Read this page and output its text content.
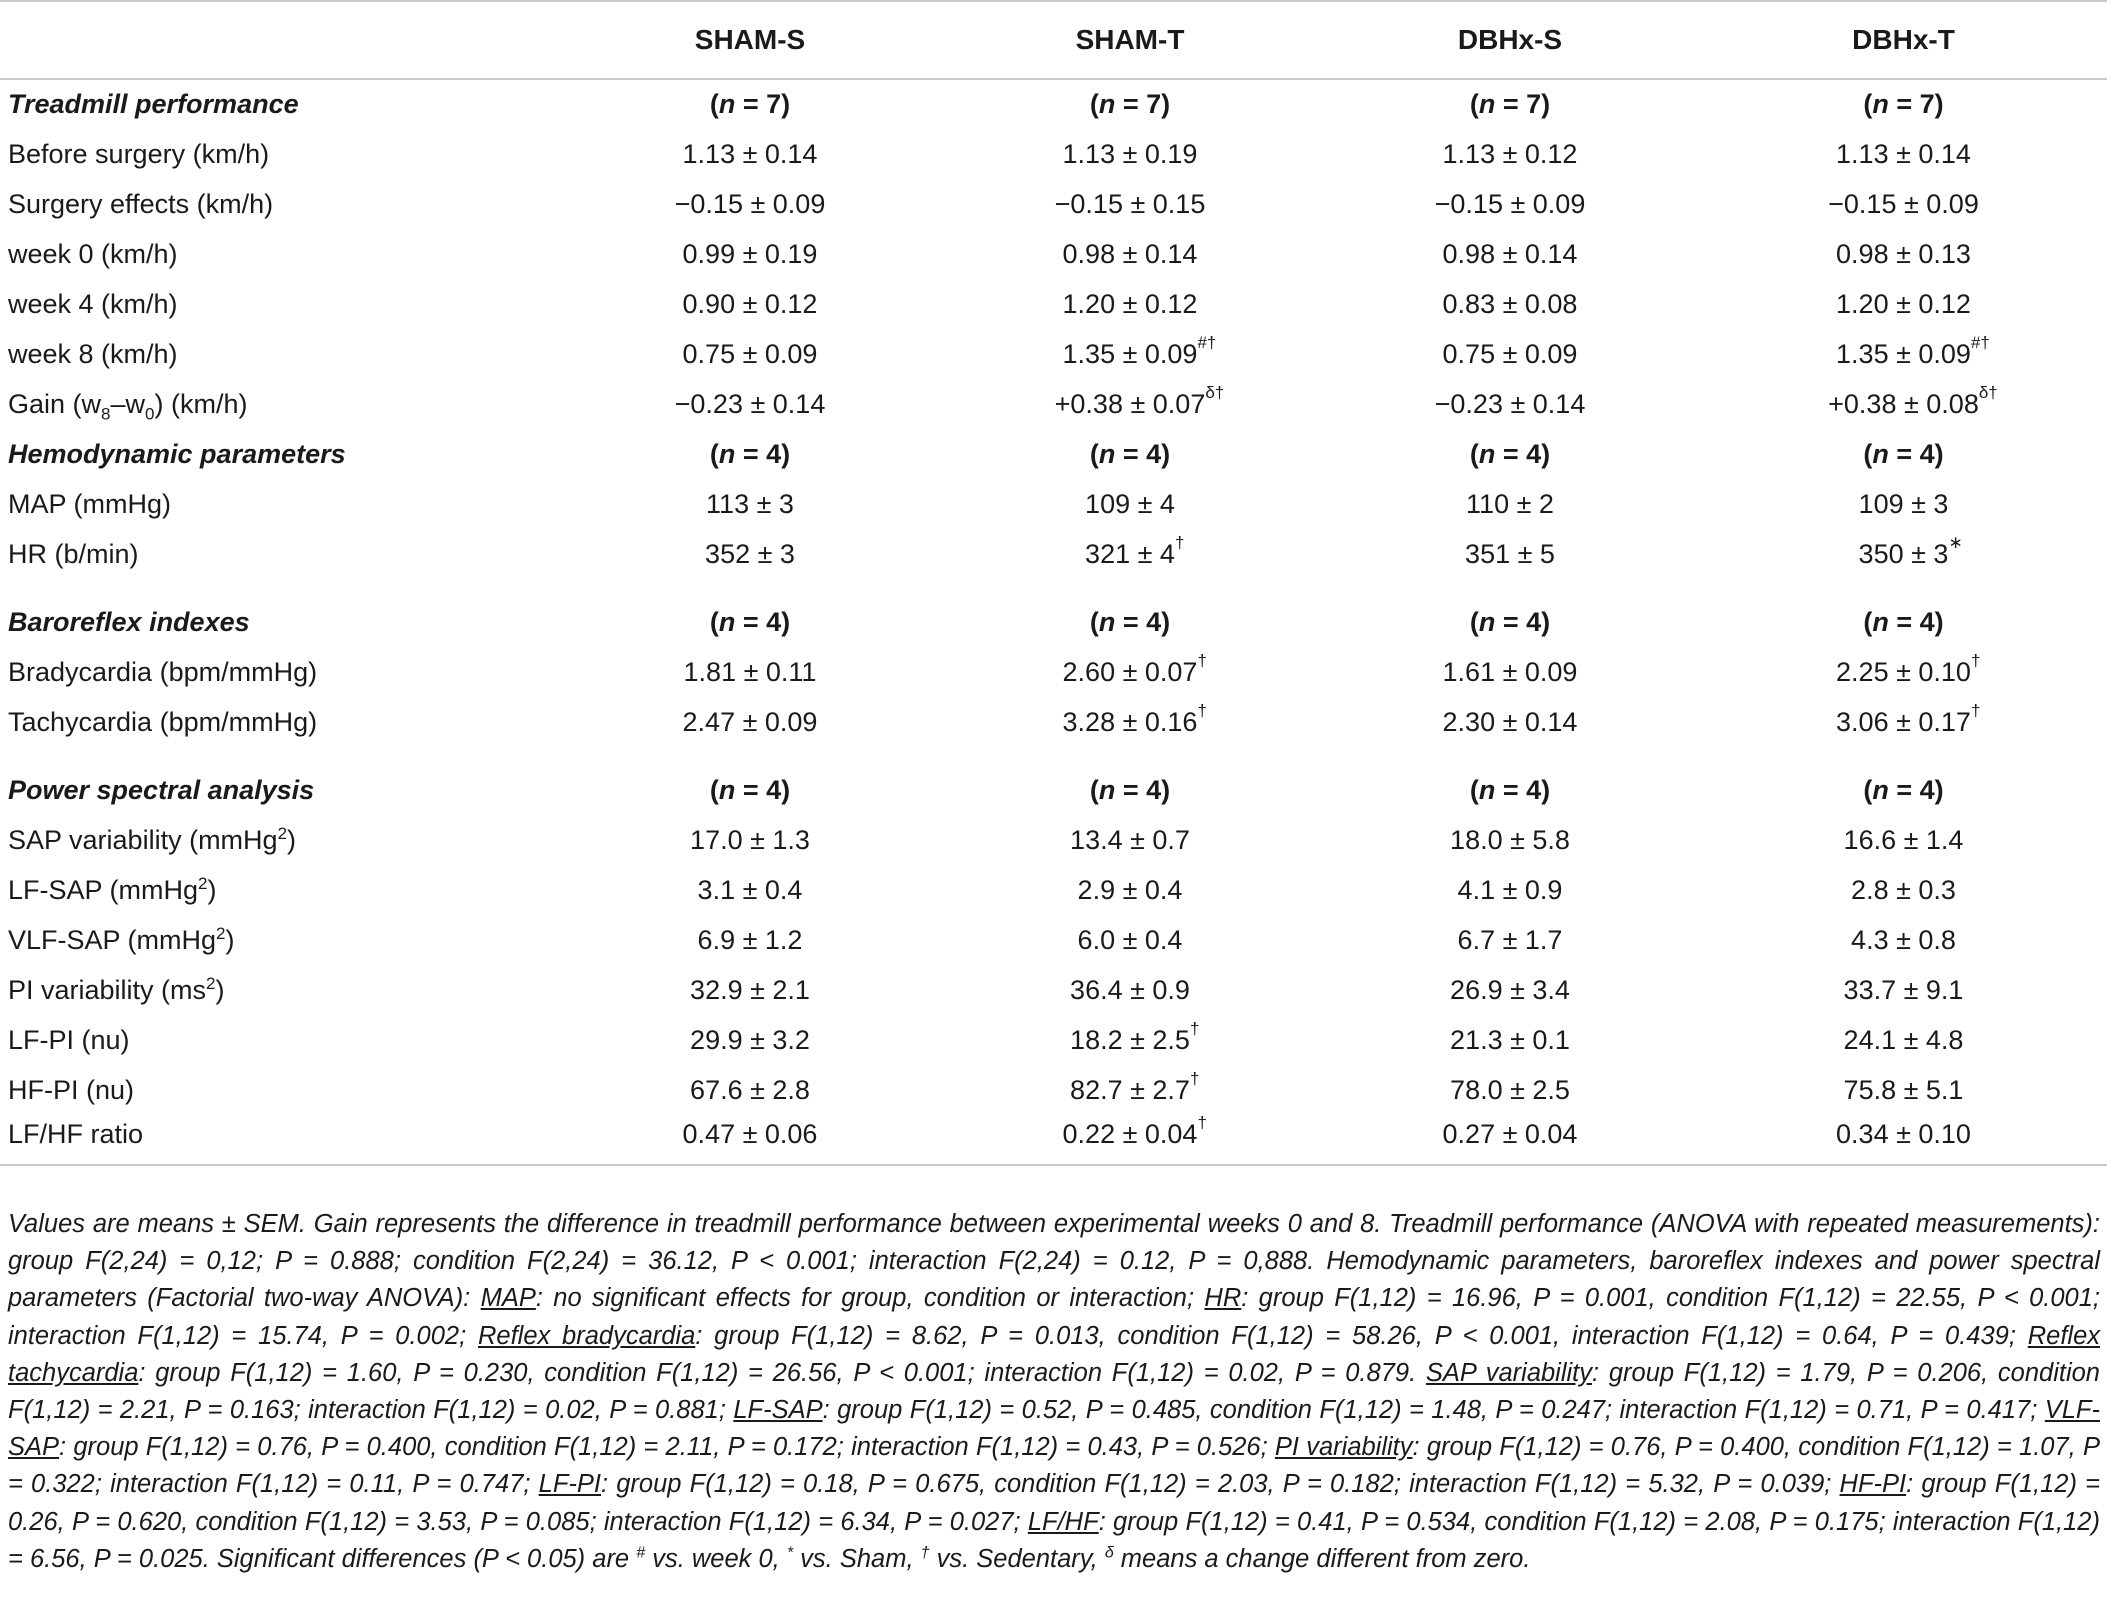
	SHAM-S	SHAM-T	DBHx-S	DBHx-T
Treadmill performance	(n = 7)	(n = 7)	(n = 7)	(n = 7)
Before surgery (km/h)	1.13 ± 0.14	1.13 ± 0.19	1.13 ± 0.12	1.13 ± 0.14
Surgery effects (km/h)	−0.15 ± 0.09	−0.15 ± 0.15	−0.15 ± 0.09	−0.15 ± 0.09
week 0 (km/h)	0.99 ± 0.19	0.98 ± 0.14	0.98 ± 0.14	0.98 ± 0.13
week 4 (km/h)	0.90 ± 0.12	1.20 ± 0.12	0.83 ± 0.08	1.20 ± 0.12
week 8 (km/h)	0.75 ± 0.09	1.35 ± 0.09 #†	0.75 ± 0.09	1.35 ± 0.09 #†

Gain $(w_8-w_0)$ (km/h)	−0.23 ± 0.14	+0.38 ± 0.07 δ†	−0.23 ± 0.14	+0.38 ± 0.08 δ†

Hemodynamic parameters	(n = 4)	(n = 4)	(n = 4)	(n = 4)
MAP (mmHg)	113 ± 3	109 ± 4	110 ± 2	109 ± 3
HR (b/min)	352 ± 3	321 ± 4 †	351 ± 5	350 ± 3 ∗

Baroreflex indexes	(n = 4)	(n = 4)	(n = 4)	(n = 4)
Bradycardia (bpm/mmHg)	1.81 ± 0.11	2.60 ± 0.07 †	1.61 ± 0.09	2.25 ± 0.10 †

Tachycardia (bpm/mmHg)	2.47 ± 0.09	3.28 ± 0.16 †	2.30 ± 0.14	3.06 ± 0.17 †

Power spectral analysis	(n = 4)	(n = 4)	(n = 4)	(n = 4)
SAP variability (mmHg$^2$)	17.0 ± 1.3	13.4 ± 0.7	18.0 ± 5.8	16.6 ± 1.4
LF-SAP (mmHg$^2$)	3.1 ± 0.4	2.9 ± 0.4	4.1 ± 0.9	2.8 ± 0.3
VLF-SAP (mmHg$^2$)	6.9 ± 1.2	6.0 ± 0.4	6.7 ± 1.7	4.3 ± 0.8
PI variability $(ms^2)$	32.9 ± 2.1	36.4 ± 0.9	26.9 ± 3.4	33.7 ± 9.1
LF-PI (nu)	29.9 ± 3.2	18.2 ± 2.5 †	21.3 ± 0.1	24.1 ± 4.8
HF-PI (nu)	67.6 ± 2.8	82.7 ± 2.7 †	78.0 ± 2.5	75.8 ± 5.1
LF/HF ratio	0.47 ± 0.06	0.22 ± 0.04 †	0.27 ± 0.04	0.34 ± 0.10
Values are means ± SEM. Gain represents the difference in treadmill performance between experimental weeks 0 and 8. Treadmill performance (ANOVA with repeated measurements): group F(2,24) = 0,12; P = 0.888; condition F(2,24) = 36.12, P < 0.001; interaction F(2,24) = 0.12, P = 0,888. Hemodynamic parameters, baroreflex indexes and power spectral parameters (Factorial two-way ANOVA): MAP: no significant effects for group, condition or interaction; HR: group F(1,12) = 16.96, P = 0.001, condition F(1,12) = 22.55, P < 0.001; interaction F(1,12) = 15.74, P = 0.002; Reflex bradycardia: group F(1,12) = 8.62, P = 0.013, condition F(1,12) = 58.26, P < 0.001, interaction F(1,12) = 0.64, P = 0.439; Reflex tachycardia: group F(1,12) = 1.60, P = 0.230, condition F(1,12) = 26.56, P < 0.001; interaction F(1,12) = 0.02, P = 0.879. SAP variability: group F(1,12) = 1.79, P = 0.206, condition F(1,12) = 2.21, P = 0.163; interaction F(1,12) = 0.02, P = 0.881; LF-SAP: group F(1,12) = 0.52, P = 0.485, condition F(1,12) = 1.48, P = 0.247; interaction F(1,12) = 0.71, P = 0.417; VLF-SAP: group F(1,12) = 0.76, P = 0.400, condition F(1,12) = 2.11, P = 0.172; interaction F(1,12) = 0.43, P = 0.526; PI variability: group F(1,12) = 0.76, P = 0.400, condition F(1,12) = 1.07, P = 0.322; interaction F(1,12) = 0.11, P = 0.747; LF-PI: group F(1,12) = 0.18, P = 0.675, condition F(1,12) = 2.03, P = 0.182; interaction F(1,12) = 5.32, P = 0.039; HF-PI: group F(1,12) = 0.26, P = 0.620, condition F(1,12) = 3.53, P = 0.085; interaction F(1,12) = 6.34, P = 0.027; LF/HF: group F(1,12) = 0.41, P = 0.534, condition F(1,12) = 2.08, P = 0.175; interaction F(1,12) = 6.56, P = 0.025. Significant differences (P < 0.05) are # vs. week 0, * vs. Sham, † vs. Sedentary, $^\delta$ means a change different from zero.
